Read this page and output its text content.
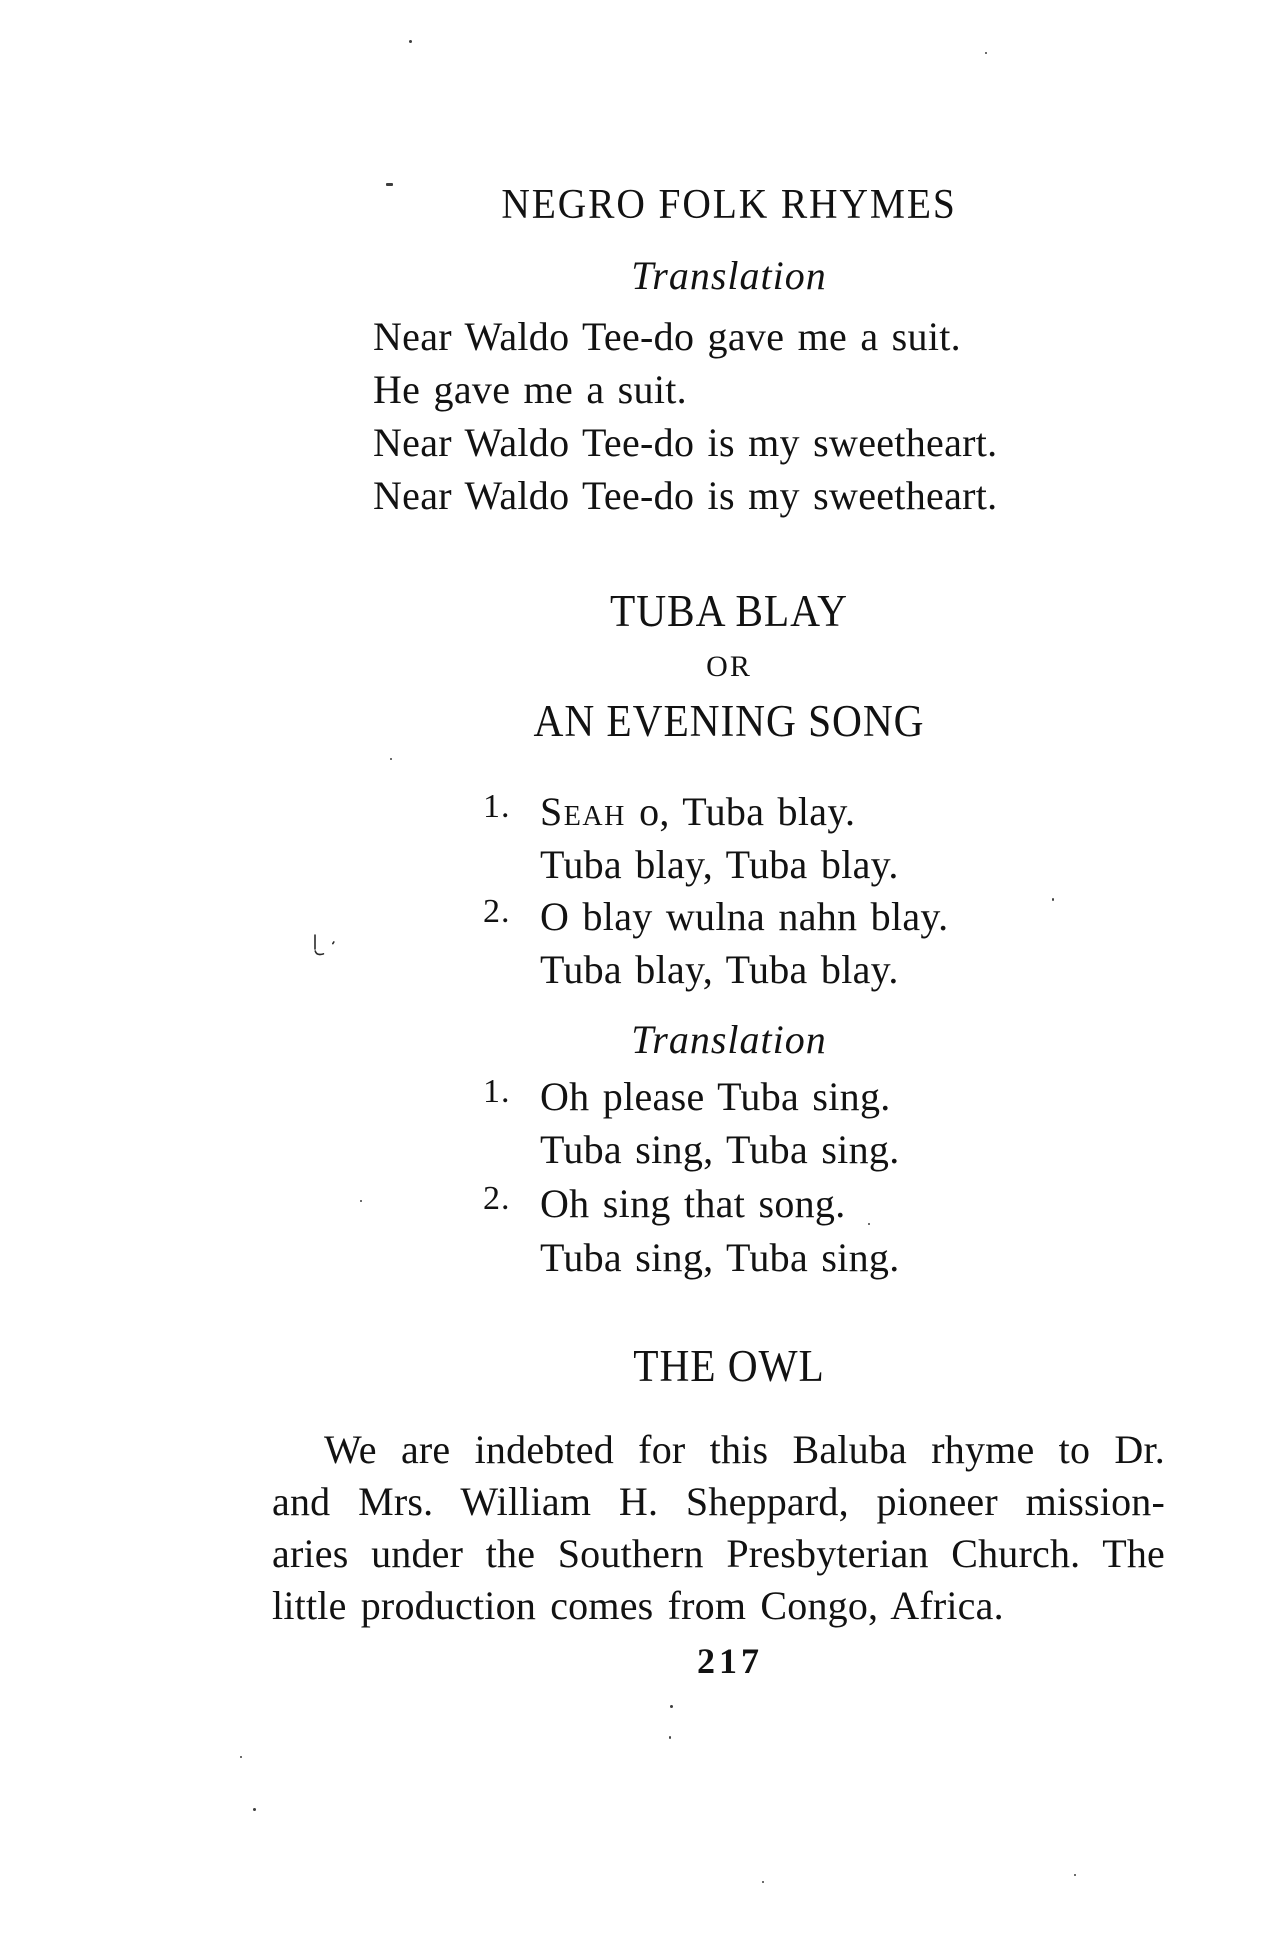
NEGRO FOLK RHYMES
Translation
Near Waldo Tee-do gave me a suit.
He gave me a suit.
Near Waldo Tee-do is my sweetheart.
Near Waldo Tee-do is my sweetheart.
TUBA BLAY
OR
AN EVENING SONG
1. Seah o, Tuba blay.
Tuba blay, Tuba blay.
2. O blay wulna nahn blay.
Tuba blay, Tuba blay.
Translation
1. Oh please Tuba sing.
Tuba sing, Tuba sing.
2. Oh sing that song.
Tuba sing, Tuba sing.
THE OWL
We are indebted for this Baluba rhyme to Dr.
and Mrs. William H. Sheppard, pioneer mission-
aries under the Southern Presbyterian Church. The
little production comes from Congo, Africa.
217
